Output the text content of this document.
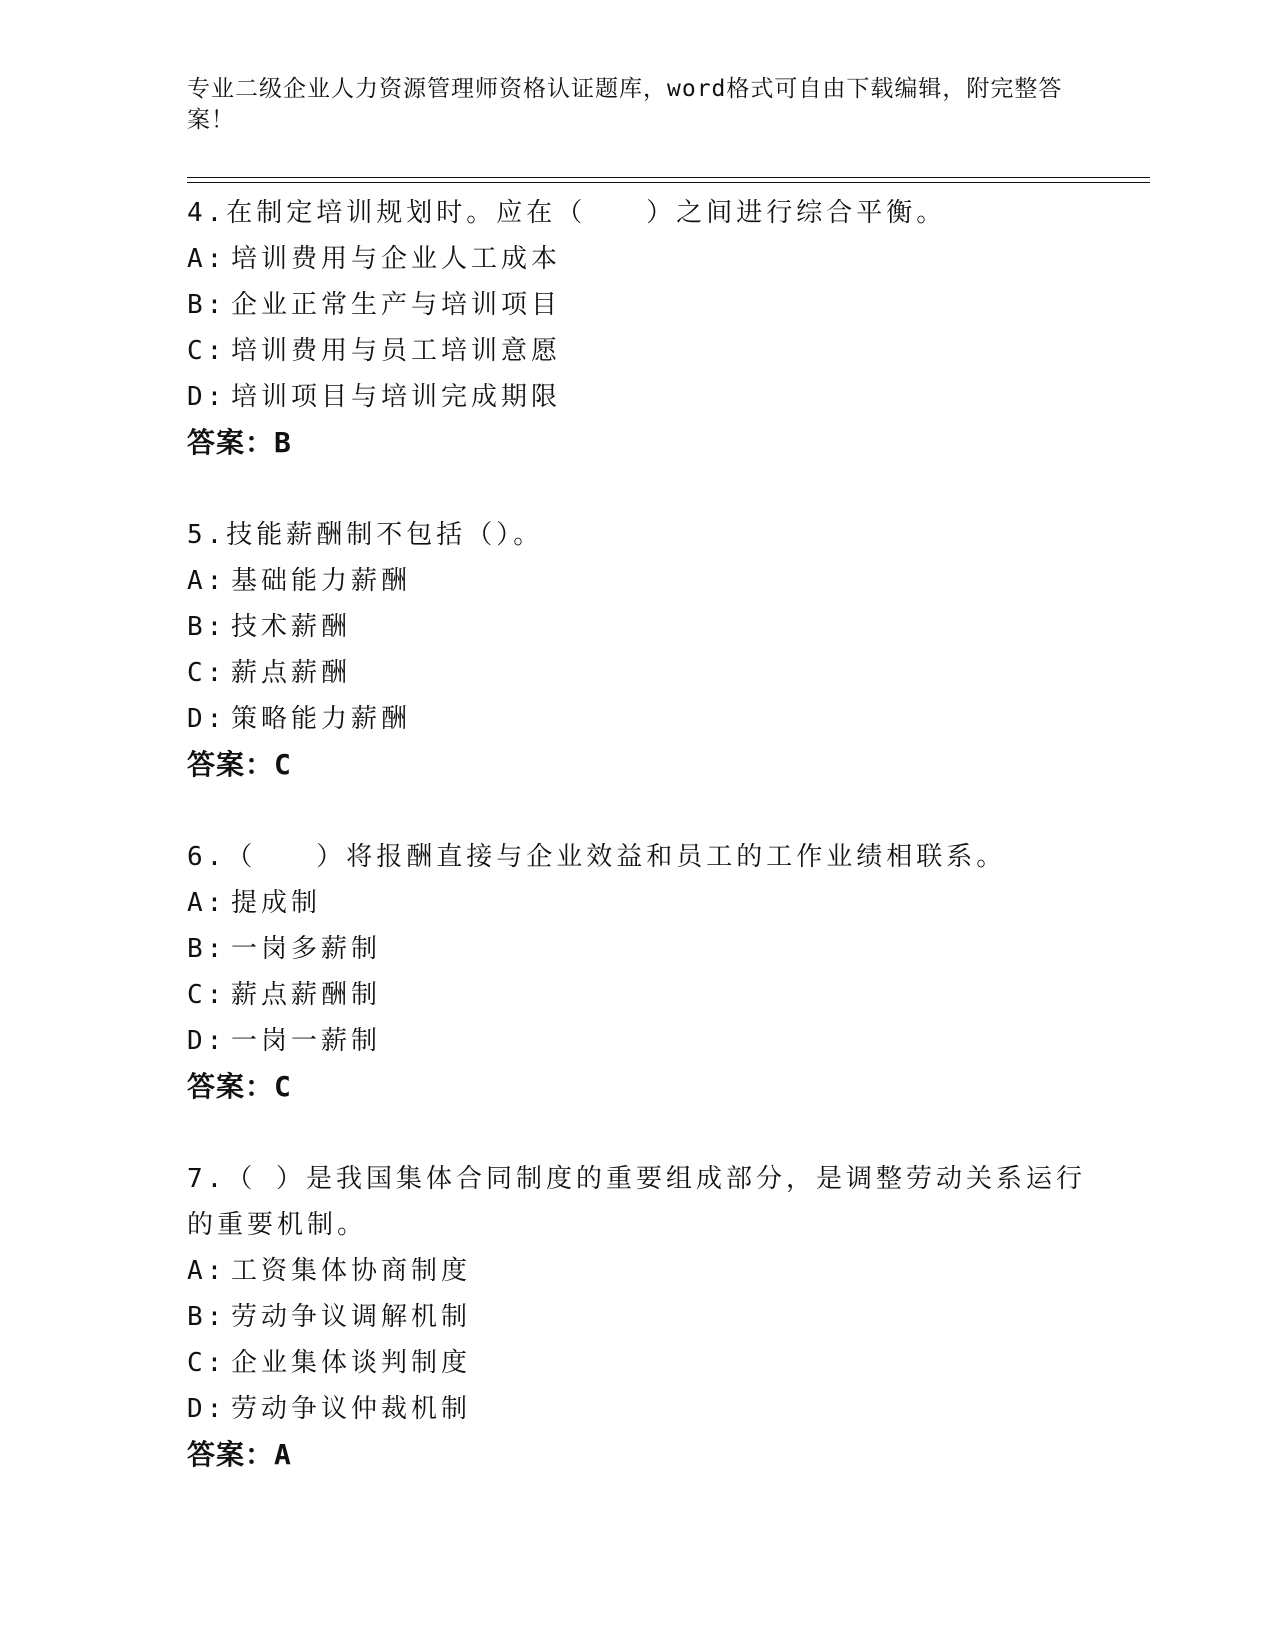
专业二级企业人力资源管理师资格认证题库，word格式可自由下载编辑，附完整答案！

4.在制定培训规划时。应在（　　）之间进行综合平衡。

A: 培训费用与企业人工成本

B: 企业正常生产与培训项目

C: 培训费用与员工培训意愿

D: 培训项目与培训完成期限

答案：B

5.技能薪酬制不包括（）。

A: 基础能力薪酬

B: 技术薪酬

C: 薪点薪酬

D: 策略能力薪酬

答案：C

6.（　　）将报酬直接与企业效益和员工的工作业绩相联系。

A: 提成制

B: 一岗多薪制

C: 薪点薪酬制

D: 一岗一薪制

答案：C

7.（ ）是我国集体合同制度的重要组成部分，是调整劳动关系运行的重要机制。

A: 工资集体协商制度

B: 劳动争议调解机制

C: 企业集体谈判制度

D: 劳动争议仲裁机制

答案：A
